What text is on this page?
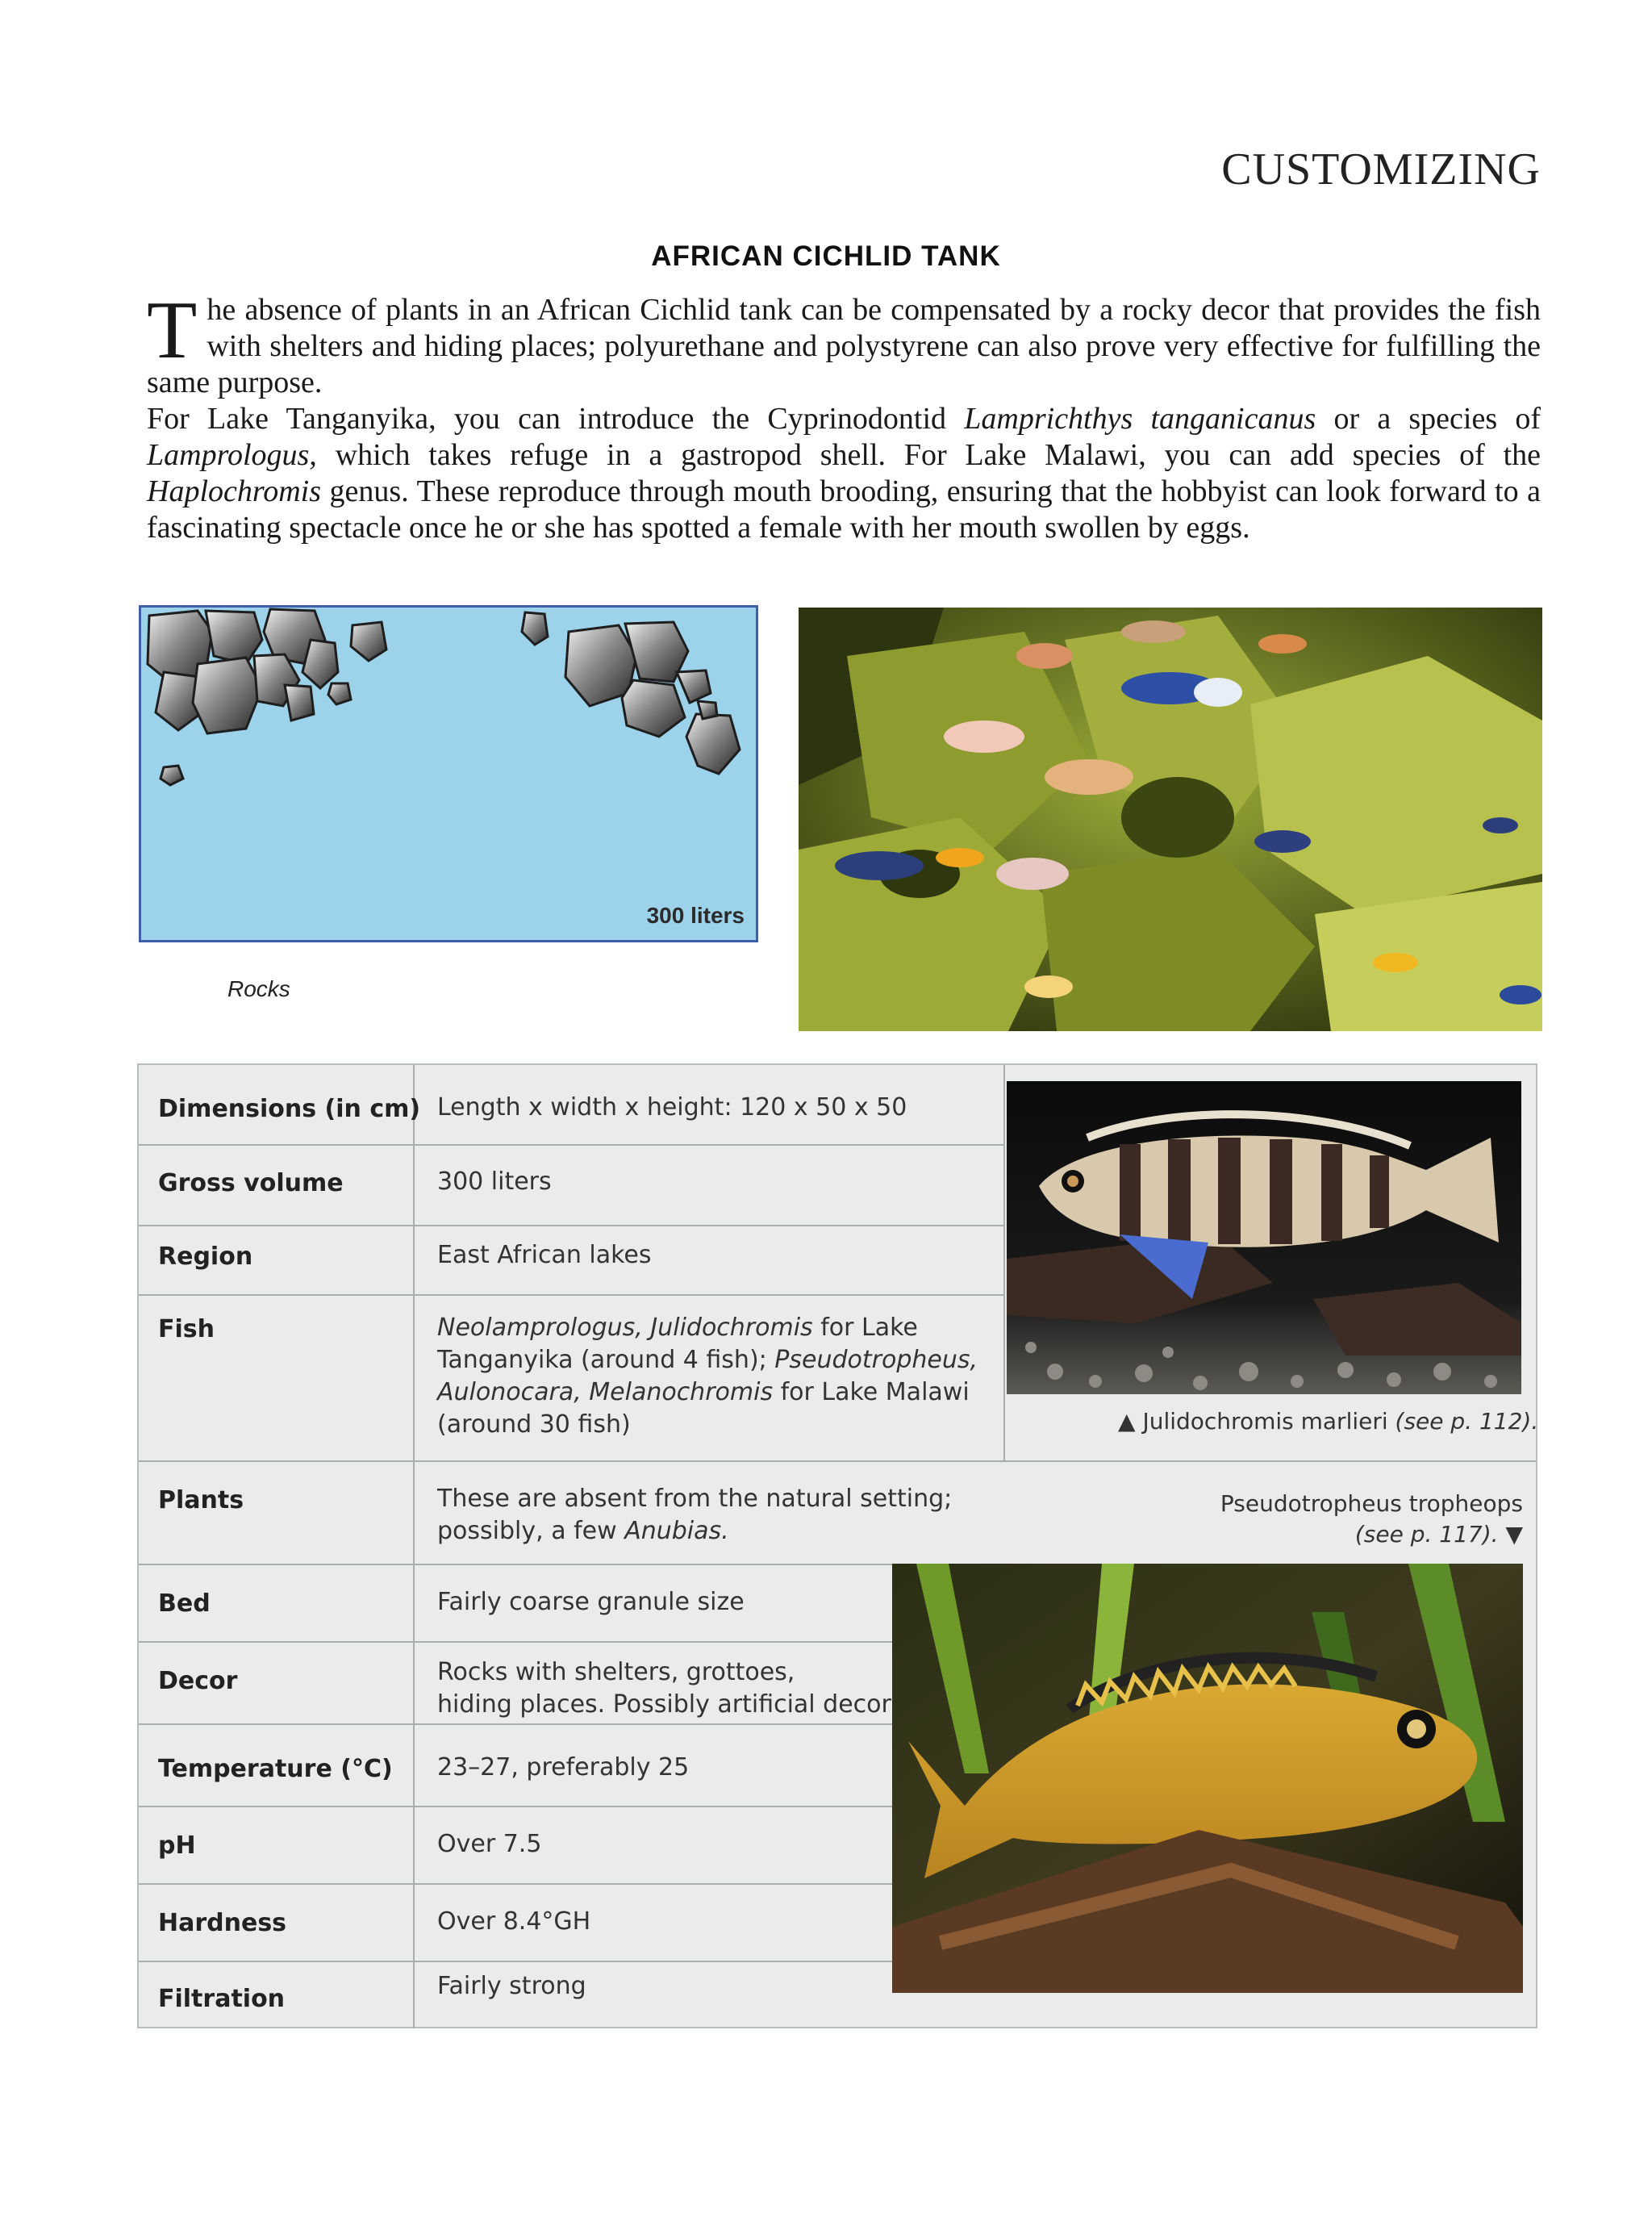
CUSTOMIZING
AFRICAN CICHLID TANK

The absence of plants in an African Cichlid tank can be compensated by a rocky decor that provides the fish with shelters and hiding places; polyurethane and polystyrene can also prove very effective for fulfilling the same purpose.

For Lake Tanganyika, you can introduce the Cyprinodontid Lamprichthys tanganicanus or a species of Lamprologus, which takes refuge in a gastropod shell. For Lake Malawi, you can add species of the Haplochromis genus. These reproduce through mouth brooding, ensuring that the hobbyist can look forward to a fascinating spectacle once he or she has spotted a female with her mouth swollen by eggs.

300 liters
Rocks
Dimensions (in cm)
Gross volume
Region
Fish
Plants
Bed
Decor
Temperature (°C)
pH
Hardness
Filtration
Length x width x height: 120 x 50 x 50
300 liters
East African lakes
Neolamprologus, Julidochromis for Lake
Tanganyika (around 4 fish); Pseudotropheus,
Aulonocara, Melanochromis for Lake Malawi
(around 30 fish)
These are absent from the natural setting;
possibly, a few Anubias.
Fairly coarse granule size
Rocks with shelters, grottoes,
hiding places. Possibly artificial decor
23–27, preferably 25
Over 7.5
Over 8.4°GH
Fairly strong
▲ Julidochromis marlieri (see p. 112).
Pseudotropheus tropheops
(see p. 117). ▼
